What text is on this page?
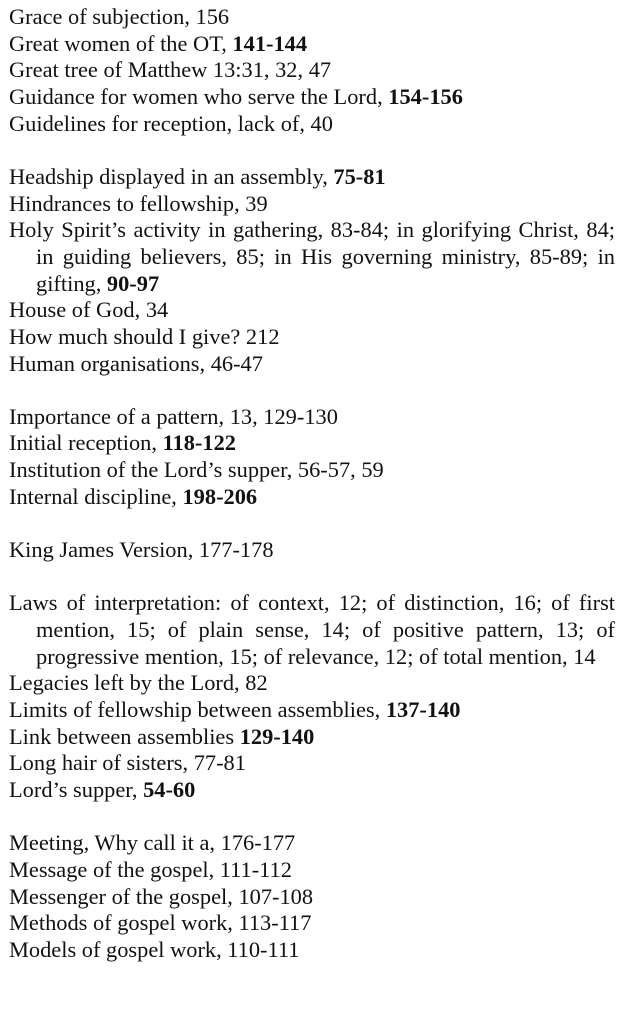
Grace of subjection, 156

Great women of the OT, 141-144

Great tree of Matthew 13:31, 32, 47

Guidance for women who serve the Lord, 154-156

Guidelines for reception, lack of, 40

Headship displayed in an assembly, 75-81

Hindrances to fellowship, 39

Holy Spirit’s activity in gathering, 83-84; in glorifying Christ, 84; in guiding believers, 85; in His governing ministry, 85-89; in gifting, 90-97

House of God, 34

How much should I give? 212

Human organisations, 46-47

Importance of a pattern, 13, 129-130

Initial reception, 118-122

Institution of the Lord’s supper, 56-57, 59

Internal discipline, 198-206

King James Version, 177-178

Laws of interpretation: of context, 12; of distinction, 16; of first mention, 15; of plain sense, 14; of positive pattern, 13; of progressive mention, 15; of relevance, 12; of total mention, 14

Legacies left by the Lord, 82

Limits of fellowship between assemblies, 137-140

Link between assemblies 129-140

Long hair of sisters, 77-81

Lord’s supper, 54-60

Meeting, Why call it a, 176-177

Message of the gospel, 111-112

Messenger of the gospel, 107-108

Methods of gospel work, 113-117

Models of gospel work, 110-111
